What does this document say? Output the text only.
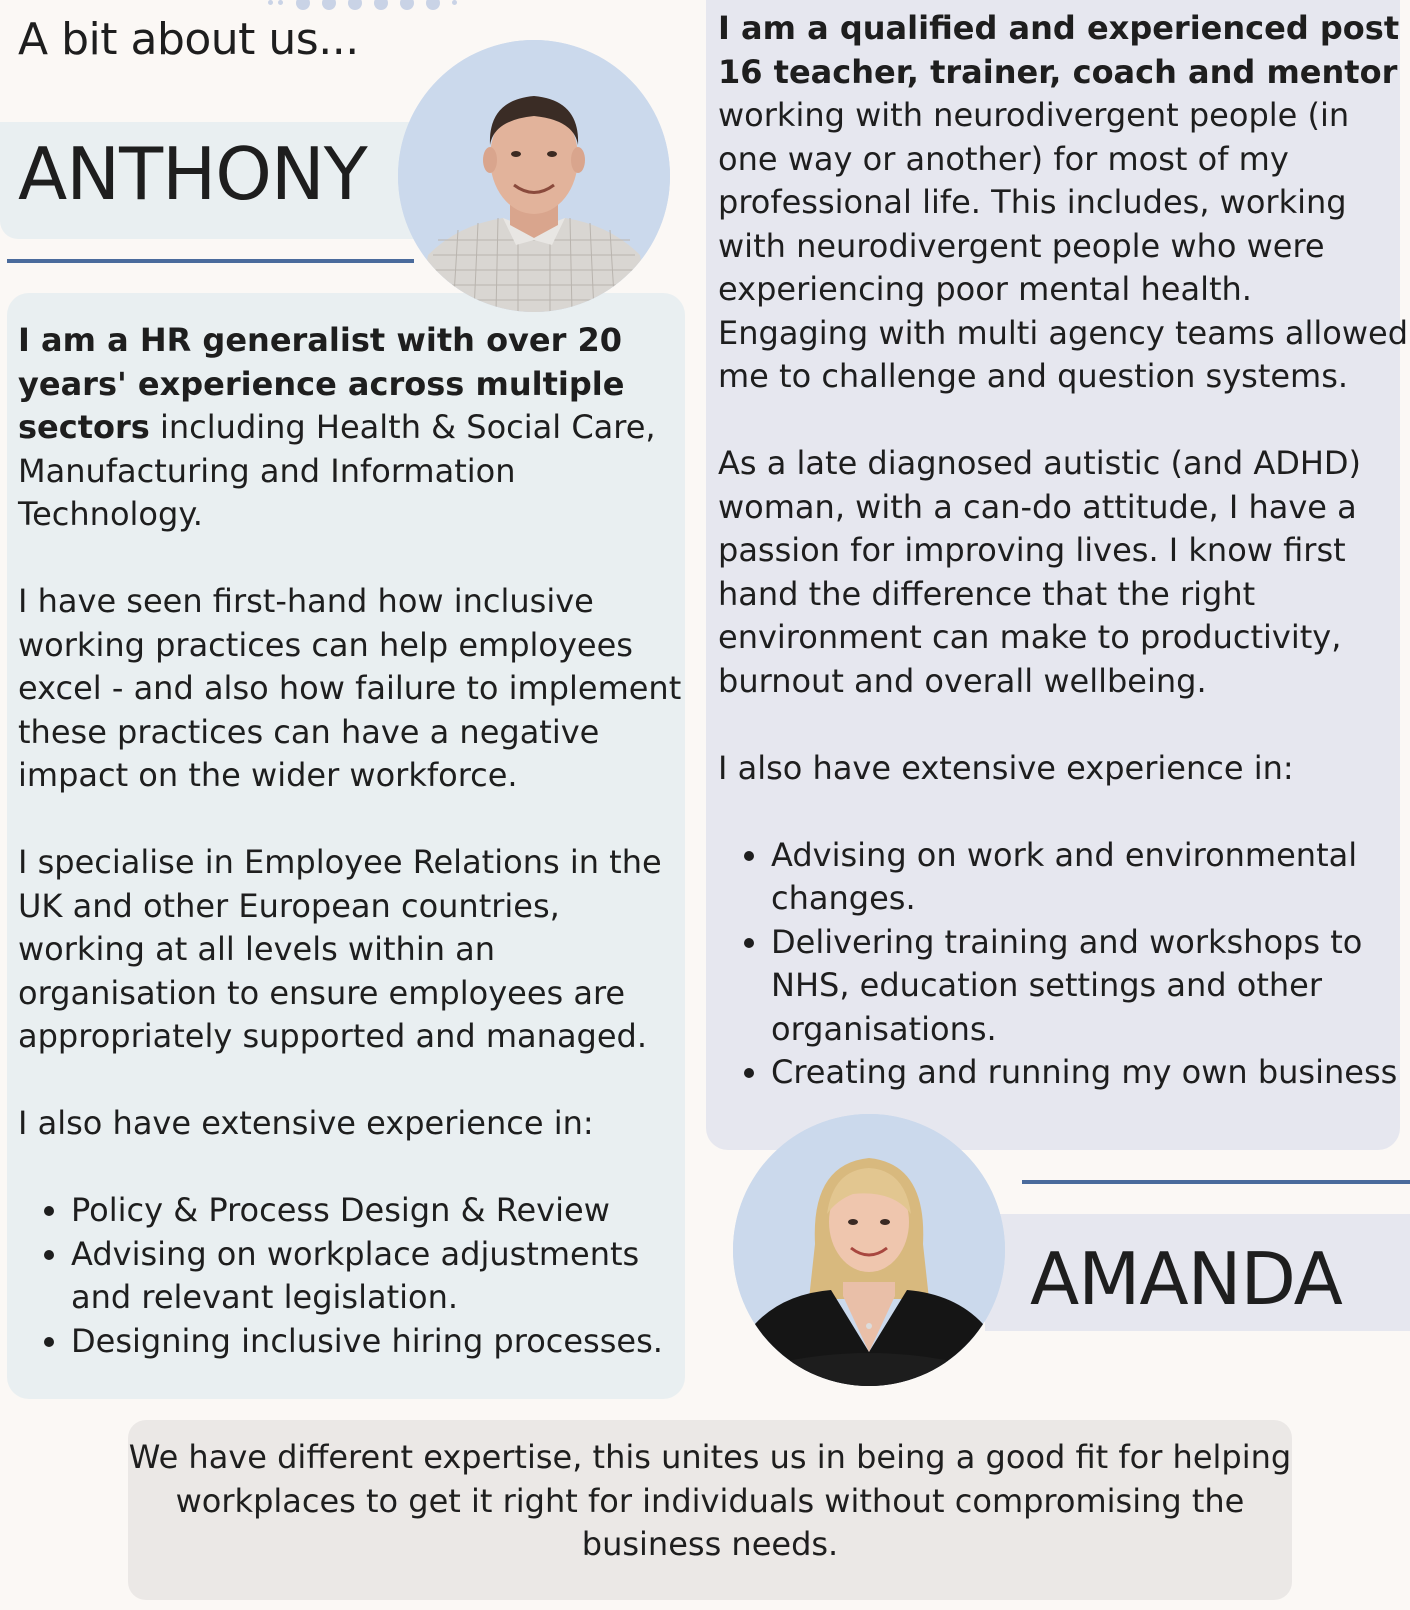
A bit about us...
ANTHONY

I am a HR generalist with over 20 years' experience across multiple sectors including Health & Social Care, Manufacturing and Information Technology.

I have seen first-hand how inclusive working practices can help employees excel - and also how failure to implement these practices can have a negative impact on the wider workforce.

I specialise in Employee Relations in the UK and other European countries, working at all levels within an organisation to ensure employees are appropriately supported and managed.

I also have extensive experience in:

• Policy & Process Design & Review
• Advising on workplace adjustments and relevant legislation.
• Designing inclusive hiring processes.

I am a qualified and experienced post 16 teacher, trainer, coach and mentor working with neurodivergent people (in one way or another) for most of my professional life. This includes, working with neurodivergent people who were experiencing poor mental health. Engaging with multi agency teams allowed me to challenge and question systems.

As a late diagnosed autistic (and ADHD) woman, with a can-do attitude, I have a passion for improving lives. I know first hand the difference that the right environment can make to productivity, burnout and overall wellbeing.

I also have extensive experience in:

• Advising on work and environmental changes.
• Delivering training and workshops to NHS, education settings and other organisations.
• Creating and running my own business
AMANDA
We have different expertise, this unites us in being a good fit for helping workplaces to get it right for individuals without compromising the business needs.
